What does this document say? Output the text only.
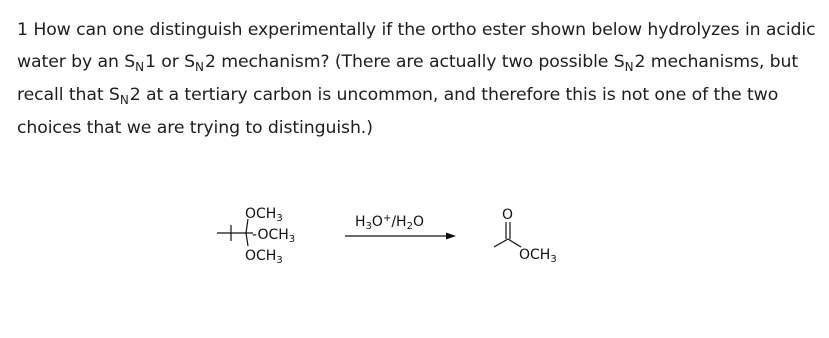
1 How can one distinguish experimentally if the ortho ester shown below hydrolyzes in acidic water by an $S_N1$ or $S_N2$ mechanism? (There are actually two possible $S_N2$ mechanisms, but recall that $S_N2$ at a tertiary carbon is uncommon, and therefore this is not one of the two choices that we are trying to distinguish.)
$OCH_3$
$-OCH_3$
$OCH_3$
$H_3O^+/H_2O$	O
$OCH_3$
